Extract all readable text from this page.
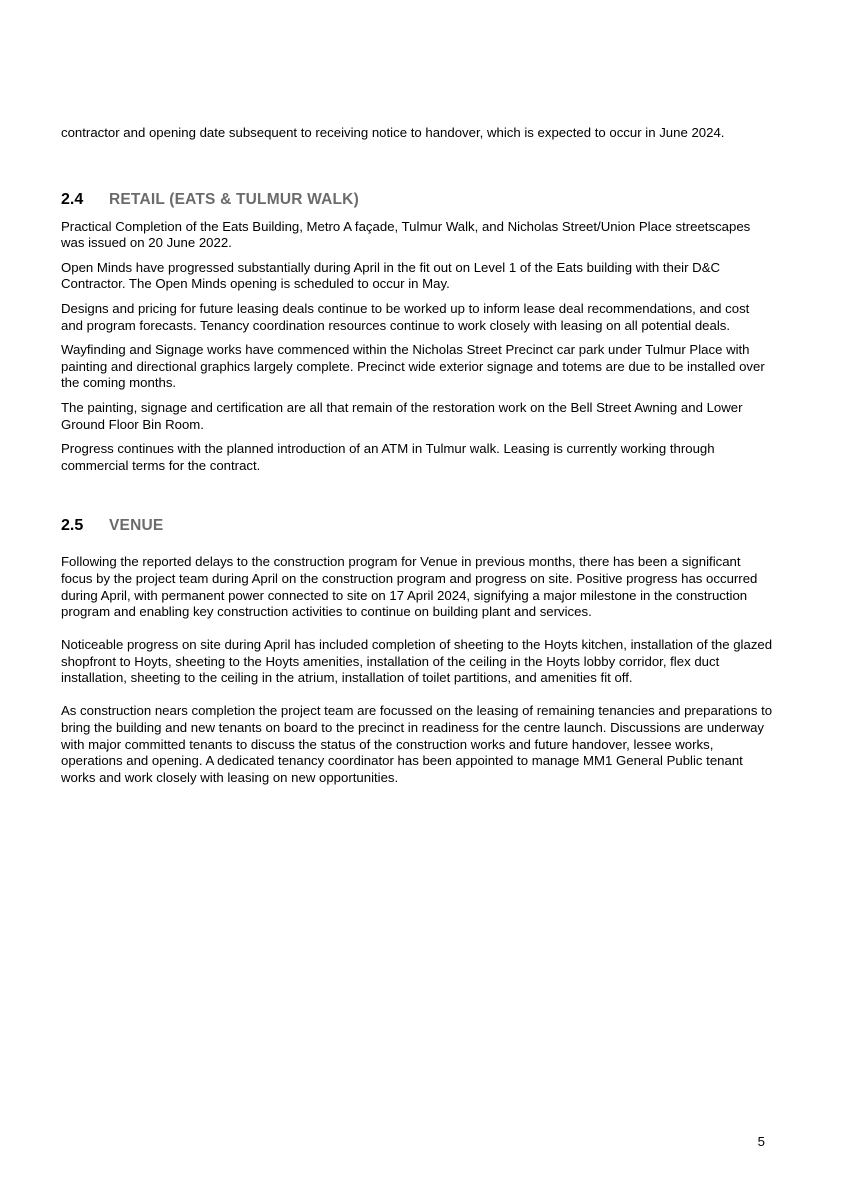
contractor and opening date subsequent to receiving notice to handover, which is expected to occur in June 2024.

2.4	RETAIL (EATS & TULMUR WALK)

Practical Completion of the Eats Building, Metro A façade, Tulmur Walk, and Nicholas Street/Union Place streetscapes was issued on 20 June 2022.

Open Minds have progressed substantially during April in the fit out on Level 1 of the Eats building with their D&C Contractor. The Open Minds opening is scheduled to occur in May.

Designs and pricing for future leasing deals continue to be worked up to inform lease deal recommendations, and cost and program forecasts. Tenancy coordination resources continue to work closely with leasing on all potential deals.

Wayfinding and Signage works have commenced within the Nicholas Street Precinct car park under Tulmur Place with painting and directional graphics largely complete. Precinct wide exterior signage and totems are due to be installed over the coming months.

The painting, signage and certification are all that remain of the restoration work on the Bell Street Awning and Lower Ground Floor Bin Room.

Progress continues with the planned introduction of an ATM in Tulmur walk. Leasing is currently working through commercial terms for the contract.

2.5	VENUE

Following the reported delays to the construction program for Venue in previous months, there has been a significant focus by the project team during April on the construction program and progress on site. Positive progress has occurred during April, with permanent power connected to site on 17 April 2024, signifying a major milestone in the construction program and enabling key construction activities to continue on building plant and services.

Noticeable progress on site during April has included completion of sheeting to the Hoyts kitchen, installation of the glazed shopfront to Hoyts, sheeting to the Hoyts amenities, installation of the ceiling in the Hoyts lobby corridor, flex duct installation, sheeting to the ceiling in the atrium, installation of toilet partitions, and amenities fit off.

As construction nears completion the project team are focussed on the leasing of remaining tenancies and preparations to bring the building and new tenants on board to the precinct in readiness for the centre launch. Discussions are underway with major committed tenants to discuss the status of the construction works and future handover, lessee works, operations and opening. A dedicated tenancy coordinator has been appointed to manage MM1 General Public tenant works and work closely with leasing on new opportunities.

5
